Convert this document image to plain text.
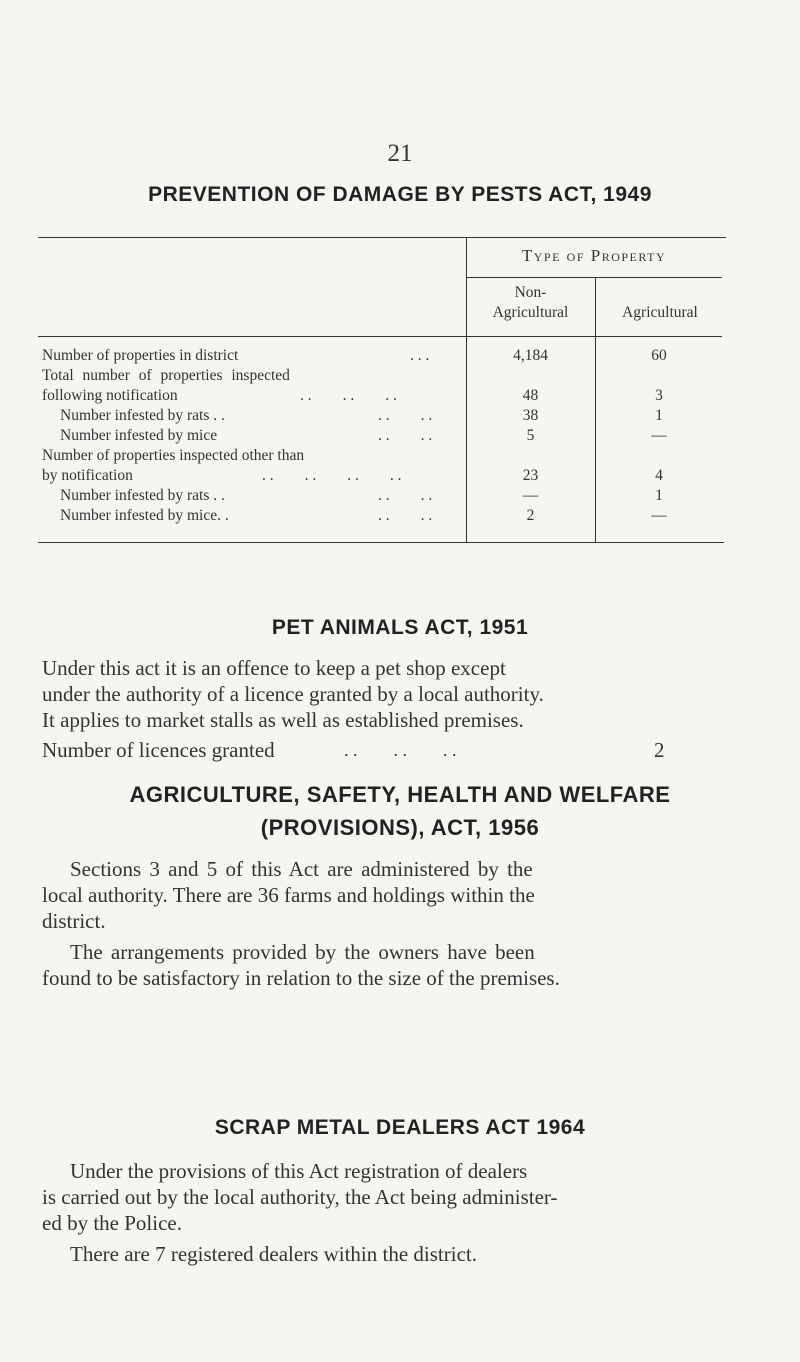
21
PREVENTION OF DAMAGE BY PESTS ACT, 1949
Type of Property
Non-
Agricultural	Agricultural
Number of properties in district	. . .	4,184	60
Total number of properties inspected
following notification	. .        . .        . .	48	3
Number infested by rats . .	. .        . .	38	1
Number infested by mice	. .        . .	5	—
Number of properties inspected other than
by notification	. .        . .        . .        . .	23	4
Number infested by rats . .	. .        . .	—	1
Number infested by mice. .	. .        . .	2	—
PET ANIMALS ACT, 1951
Under this act it is an offence to keep a pet shop except
under the authority of a licence granted by a local authority.
It applies to market stalls as well as established premises.
Number of licences granted	. .        . .        . .	2
AGRICULTURE, SAFETY, HEALTH AND WELFARE
(PROVISIONS), ACT, 1956
Sections 3 and 5 of this Act are administered by the
local authority. There are 36 farms and holdings within the
district.
The arrangements provided by the owners have been
found to be satisfactory in relation to the size of the premises.
SCRAP METAL DEALERS ACT 1964
Under the provisions of this Act registration of dealers
is carried out by the local authority, the Act being administer-
ed by the Police.
There are 7 registered dealers within the district.
